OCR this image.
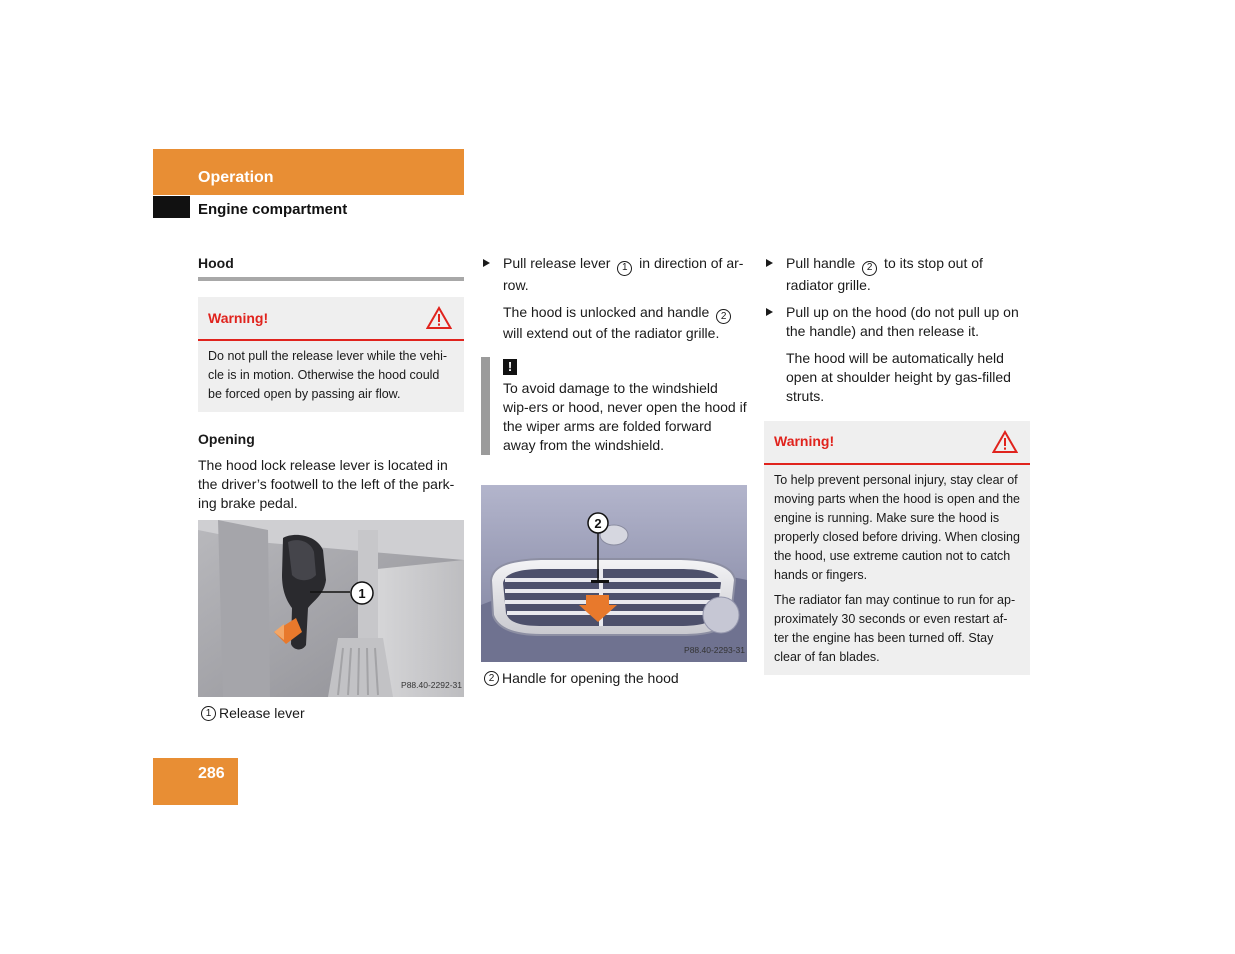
Operation
Engine compartment
Hood
Warning!
Do not pull the release lever while the vehi-cle is in motion. Otherwise the hood could be forced open by passing air flow.
Opening

The hood lock release lever is located in the driver’s footwell to the left of the park-ing brake pedal.

1
P88.40-2292-31
1 Release lever
Pull release lever 1 in direction of ar-row.
The hood is unlocked and handle 2 will extend out of the radiator grille.
!
To avoid damage to the windshield wip-ers or hood, never open the hood if the wiper arms are folded forward away from the windshield.
2
P88.40-2293-31
2 Handle for opening the hood
Pull handle 2 to its stop out of radiator grille.
Pull up on the hood (do not pull up on the handle) and then release it.
The hood will be automatically held open at shoulder height by gas-filled struts.
Warning!

To help prevent personal injury, stay clear of moving parts when the hood is open and the engine is running. Make sure the hood is properly closed before driving. When closing the hood, use extreme caution not to catch hands or fingers.

The radiator fan may continue to run for ap-proximately 30 seconds or even restart af-ter the engine has been turned off. Stay clear of fan blades.

286
